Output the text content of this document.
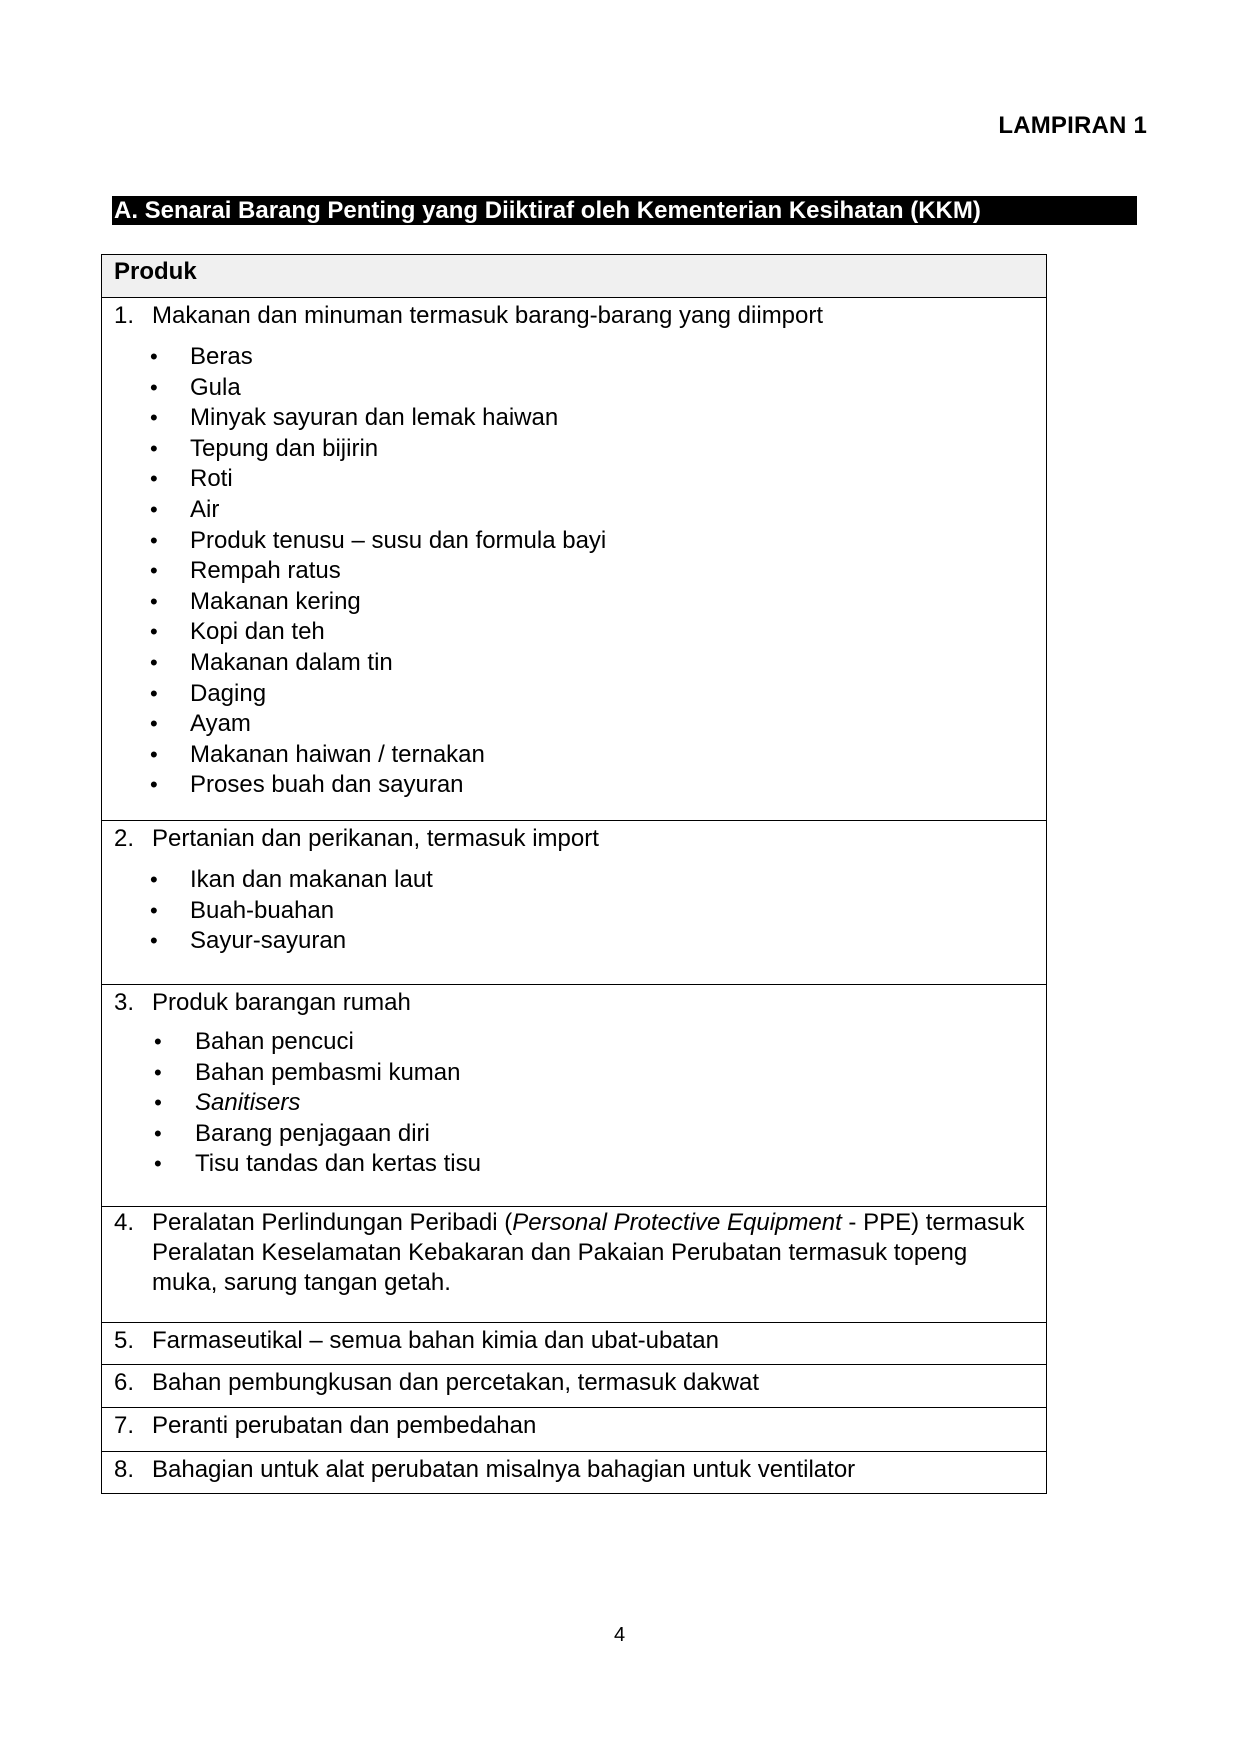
LAMPIRAN 1
A. Senarai Barang Penting yang Diiktiraf oleh Kementerian Kesihatan (KKM)
Produk
1. Makanan dan minuman termasuk barang-barang yang diimport
• Beras
• Gula
• Minyak sayuran dan lemak haiwan
• Tepung dan bijirin
• Roti
• Air
• Produk tenusu – susu dan formula bayi
• Rempah ratus
• Makanan kering
• Kopi dan teh
• Makanan dalam tin
• Daging
• Ayam
• Makanan haiwan / ternakan
• Proses buah dan sayuran
2. Pertanian dan perikanan, termasuk import
• Ikan dan makanan laut
• Buah-buahan
• Sayur-sayuran
3. Produk barangan rumah
• Bahan pencuci
• Bahan pembasmi kuman
• Sanitisers
• Barang penjagaan diri
• Tisu tandas dan kertas tisu
4. Peralatan Perlindungan Peribadi (Personal Protective Equipment - PPE) termasuk Peralatan Keselamatan Kebakaran dan Pakaian Perubatan termasuk topeng muka, sarung tangan getah.
5. Farmaseutikal – semua bahan kimia dan ubat-ubatan
6. Bahan pembungkusan dan percetakan, termasuk dakwat
7. Peranti perubatan dan pembedahan
8. Bahagian untuk alat perubatan misalnya bahagian untuk ventilator
4
